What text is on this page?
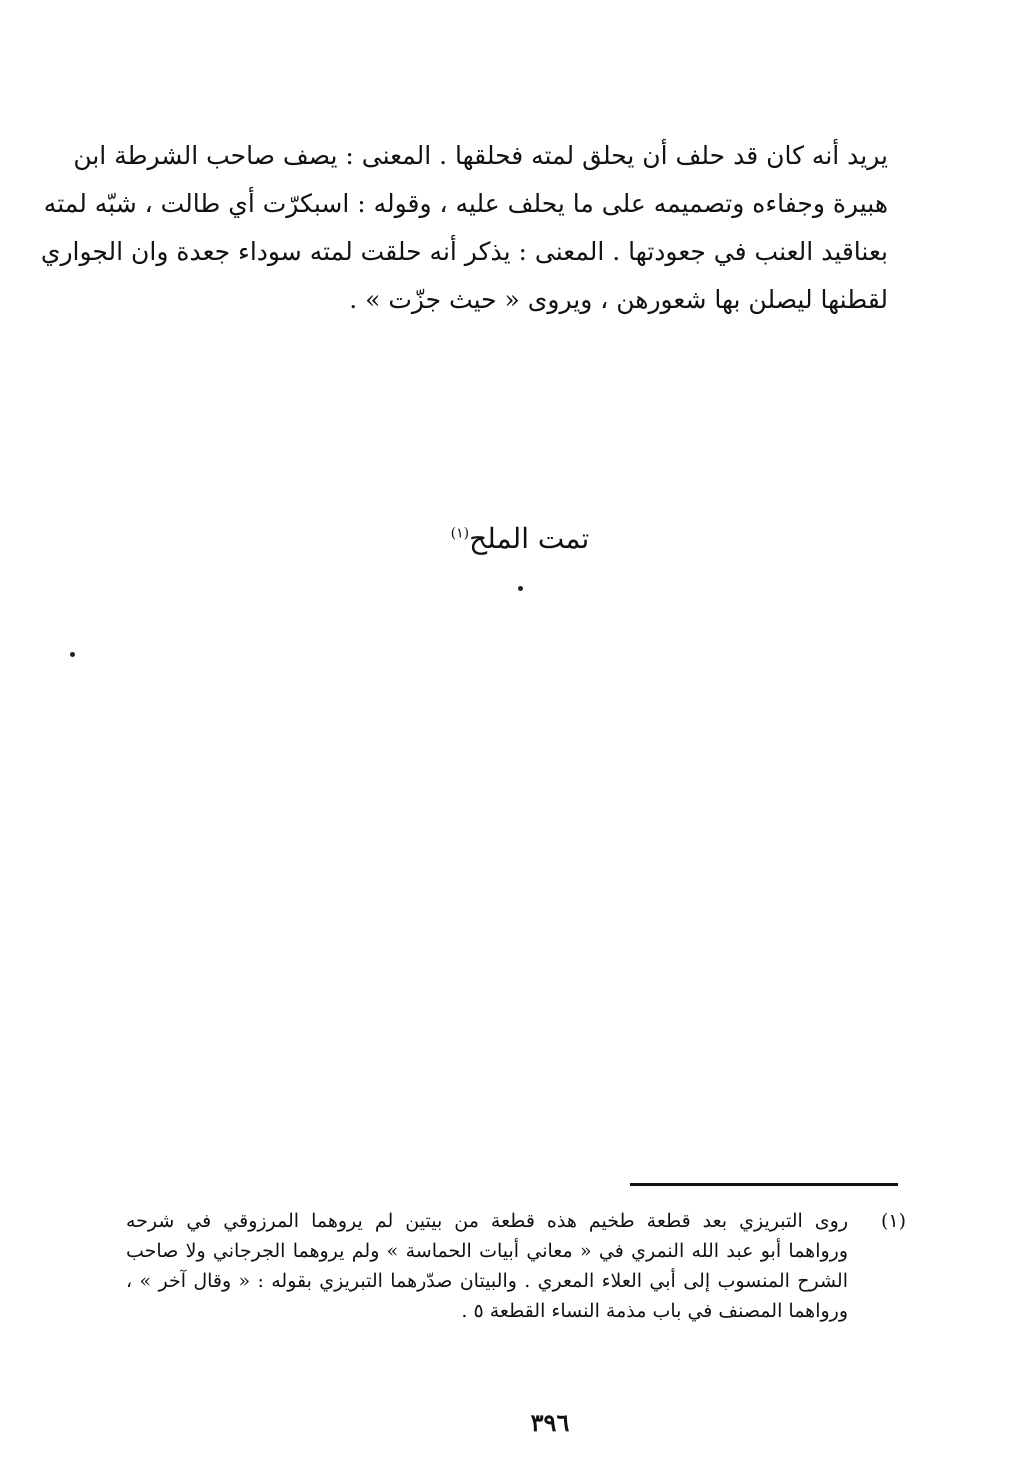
يريد أنه كان قد حلف أن يحلق لمته فحلقها . المعنى : يصف صاحب الشرطة ابن
هبيرة وجفاءه وتصميمه على ما يحلف عليه ، وقوله : اسبكرّت أي طالت ، شبّه لمته
بعناقيد العنب في جعودتها . المعنى : يذكر أنه حلقت لمته سوداء جعدة وان الجواري
لقطنها ليصلن بها شعورهن ، ويروى « حيث جزّت » .
تمت الملح$^{(١)}$
(١)
روى التبريزي بعد قطعة طخيم هذه قطعة من بيتين لم يروهما المرزوقي في شرحه
ورواهما أبو عبد الله النمري في « معاني أبيات الحماسة » ولم يروهما الجرجاني ولا صاحب
الشرح المنسوب إلى أبي العلاء المعري . والبيتان صدّرهما التبريزي بقوله : « وقال آخر » ،
ورواهما المصنف في باب مذمة النساء القطعة ٥ .
٣٩٦
